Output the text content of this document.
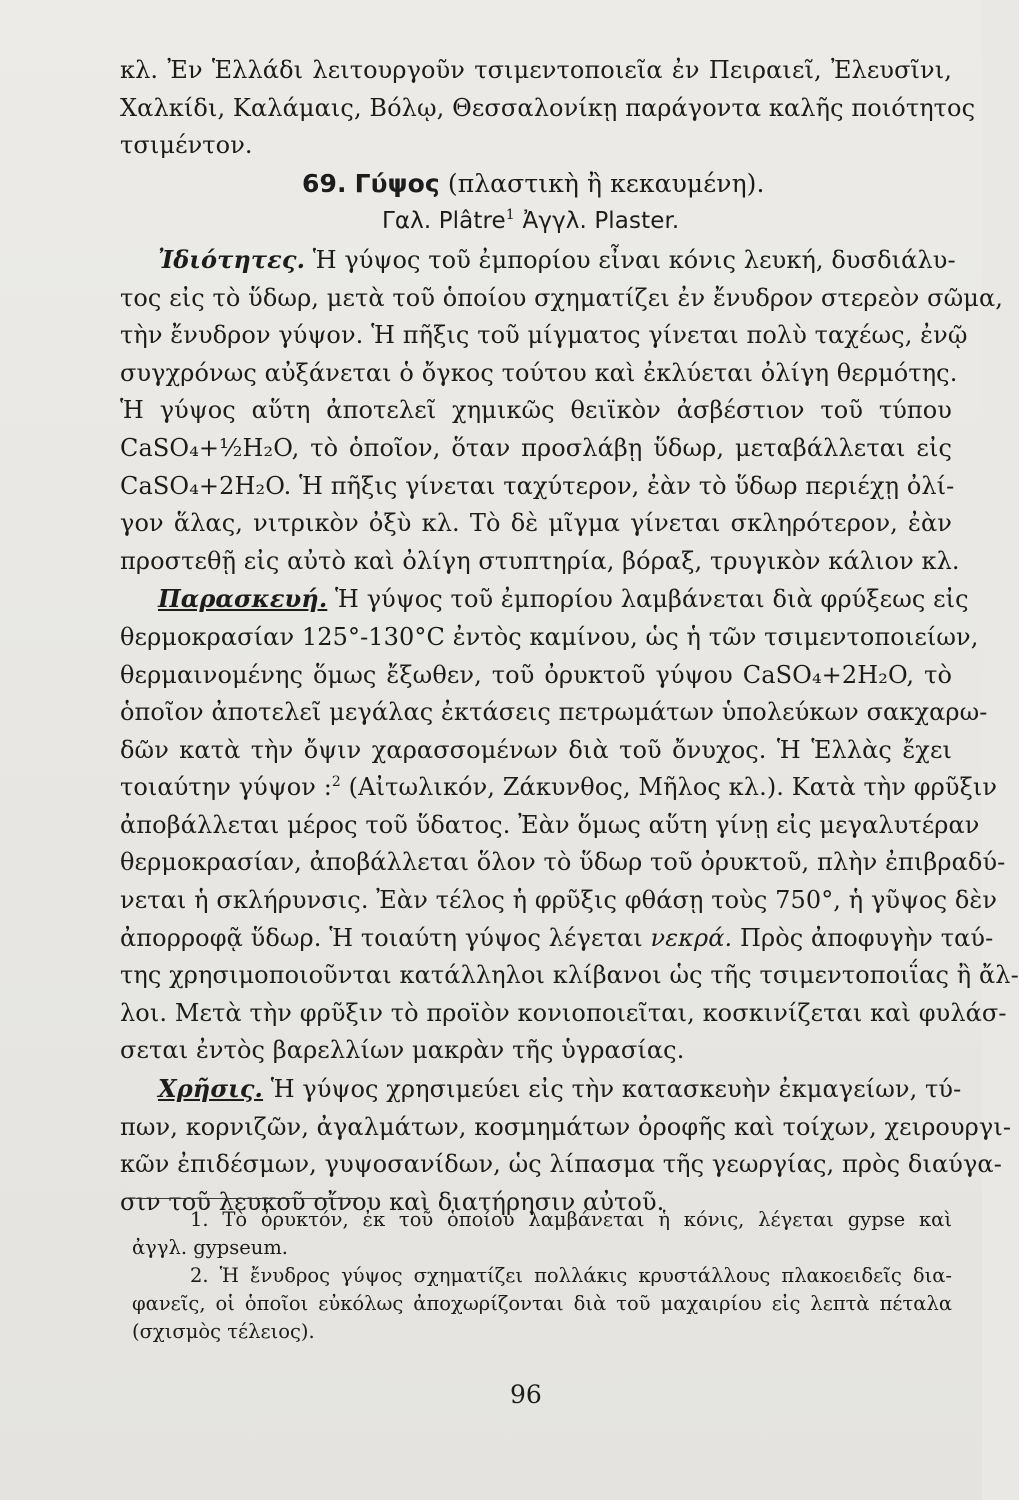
κλ. Ἐν Ἑλλάδι λειτουργοῦν τσιμεντοποιεῖα ἐν Πειραιεῖ, Ἐλευσῖνι,
Χαλκίδι, Καλάμαις, Βόλῳ, Θεσσαλονίκῃ παράγοντα καλῆς ποιότητος
τσιμέντον.
69. Γύψος (πλαστικὴ ἢ κεκαυμένη).
Γαλ. Plâtre$^1$ Ἀγγλ. Plaster.
Ἰδιότητες. Ἡ γύψος τοῦ ἐμπορίου εἶναι κόνις λευκή, δυσδιάλυ-
τος εἰς τὸ ὕδωρ, μετὰ τοῦ ὁποίου σχηματίζει ἐν ἔνυδρον στερεὸν σῶμα,
τὴν ἔνυδρον γύψον. Ἡ πῆξις τοῦ μίγματος γίνεται πολὺ ταχέως, ἐνῷ
συγχρόνως αὐξάνεται ὁ ὄγκος τούτου καὶ ἐκλύεται ὀλίγη θερμότης.
Ἡ γύψος αὕτη ἀποτελεῖ χημικῶς θειϊκὸν ἀσβέστιον τοῦ τύπου
CaSO₄+½H₂O, τὸ ὁποῖον, ὅταν προσλάβῃ ὕδωρ, μεταβάλλεται εἰς
CaSO₄+2H₂O. Ἡ πῆξις γίνεται ταχύτερον, ἐὰν τὸ ὕδωρ περιέχῃ ὀλί-
γον ἅλας, νιτρικὸν ὀξὺ κλ. Τὸ δὲ μῖγμα γίνεται σκληρότερον, ἐὰν
προστεθῇ εἰς αὐτὸ καὶ ὀλίγη στυπτηρία, βόραξ, τρυγικὸν κάλιον κλ.
Παρασκευή. Ἡ γύψος τοῦ ἐμπορίου λαμβάνεται διὰ φρύξεως εἰς
θερμοκρασίαν 125°-130°C ἐντὸς καμίνου, ὡς ἡ τῶν τσιμεντοποιείων,
θερμαινομένης ὅμως ἔξωθεν, τοῦ ὀρυκτοῦ γύψου CaSO₄+2H₂O, τὸ
ὁποῖον ἀποτελεῖ μεγάλας ἐκτάσεις πετρωμάτων ὑπολεύκων σακχαρω-
δῶν κατὰ τὴν ὄψιν χαρασσομένων διὰ τοῦ ὄνυχος. Ἡ Ἑλλὰς ἔχει
τοιαύτην γύψον :$^2$ (Αἰτωλικόν, Ζάκυνθος, Μῆλος κλ.). Κατὰ τὴν φρῦξιν
ἀποβάλλεται μέρος τοῦ ὕδατος. Ἐὰν ὅμως αὕτη γίνῃ εἰς μεγαλυτέραν
θερμοκρασίαν, ἀποβάλλεται ὅλον τὸ ὕδωρ τοῦ ὀρυκτοῦ, πλὴν ἐπιβραδύ-
νεται ἡ σκλήρυνσις. Ἐὰν τέλος ἡ φρῦξις φθάσῃ τοὺς 750°, ἡ γῦψος δὲν
ἀπορροφᾷ ὕδωρ. Ἡ τοιαύτη γύψος λέγεται νεκρά. Πρὸς ἀποφυγὴν ταύ-
της χρησιμοποιοῦνται κατάλληλοι κλίβανοι ὡς τῆς τσιμεντοποιΐας ἢ ἄλ-
λοι. Μετὰ τὴν φρῦξιν τὸ προϊὸν κονιοποιεῖται, κοσκινίζεται καὶ φυλάσ-
σεται ἐντὸς βαρελλίων μακρὰν τῆς ὑγρασίας.
Χρῆσις. Ἡ γύψος χρησιμεύει εἰς τὴν κατασκευὴν ἐκμαγείων, τύ-
πων, κορνιζῶν, ἀγαλμάτων, κοσμημάτων ὀροφῆς καὶ τοίχων, χειρουργι-
κῶν ἐπιδέσμων, γυψοσανίδων, ὡς λίπασμα τῆς γεωργίας, πρὸς διαύγα-
σιν τοῦ λευκοῦ οἴνου καὶ διατήρησιν αὐτοῦ.
1. Τὸ ὀρυκτόν, ἐκ τοῦ ὁποίου λαμβάνεται ἡ κόνις, λέγεται gypse καὶ
ἀγγλ. gypseum.
2. Ἡ ἔνυδρος γύψος σχηματίζει πολλάκις κρυστάλλους πλακοειδεῖς δια-
φανεῖς, οἱ ὁποῖοι εὐκόλως ἀποχωρίζονται διὰ τοῦ μαχαιρίου εἰς λεπτὰ πέταλα
(σχισμὸς τέλειος).
96
